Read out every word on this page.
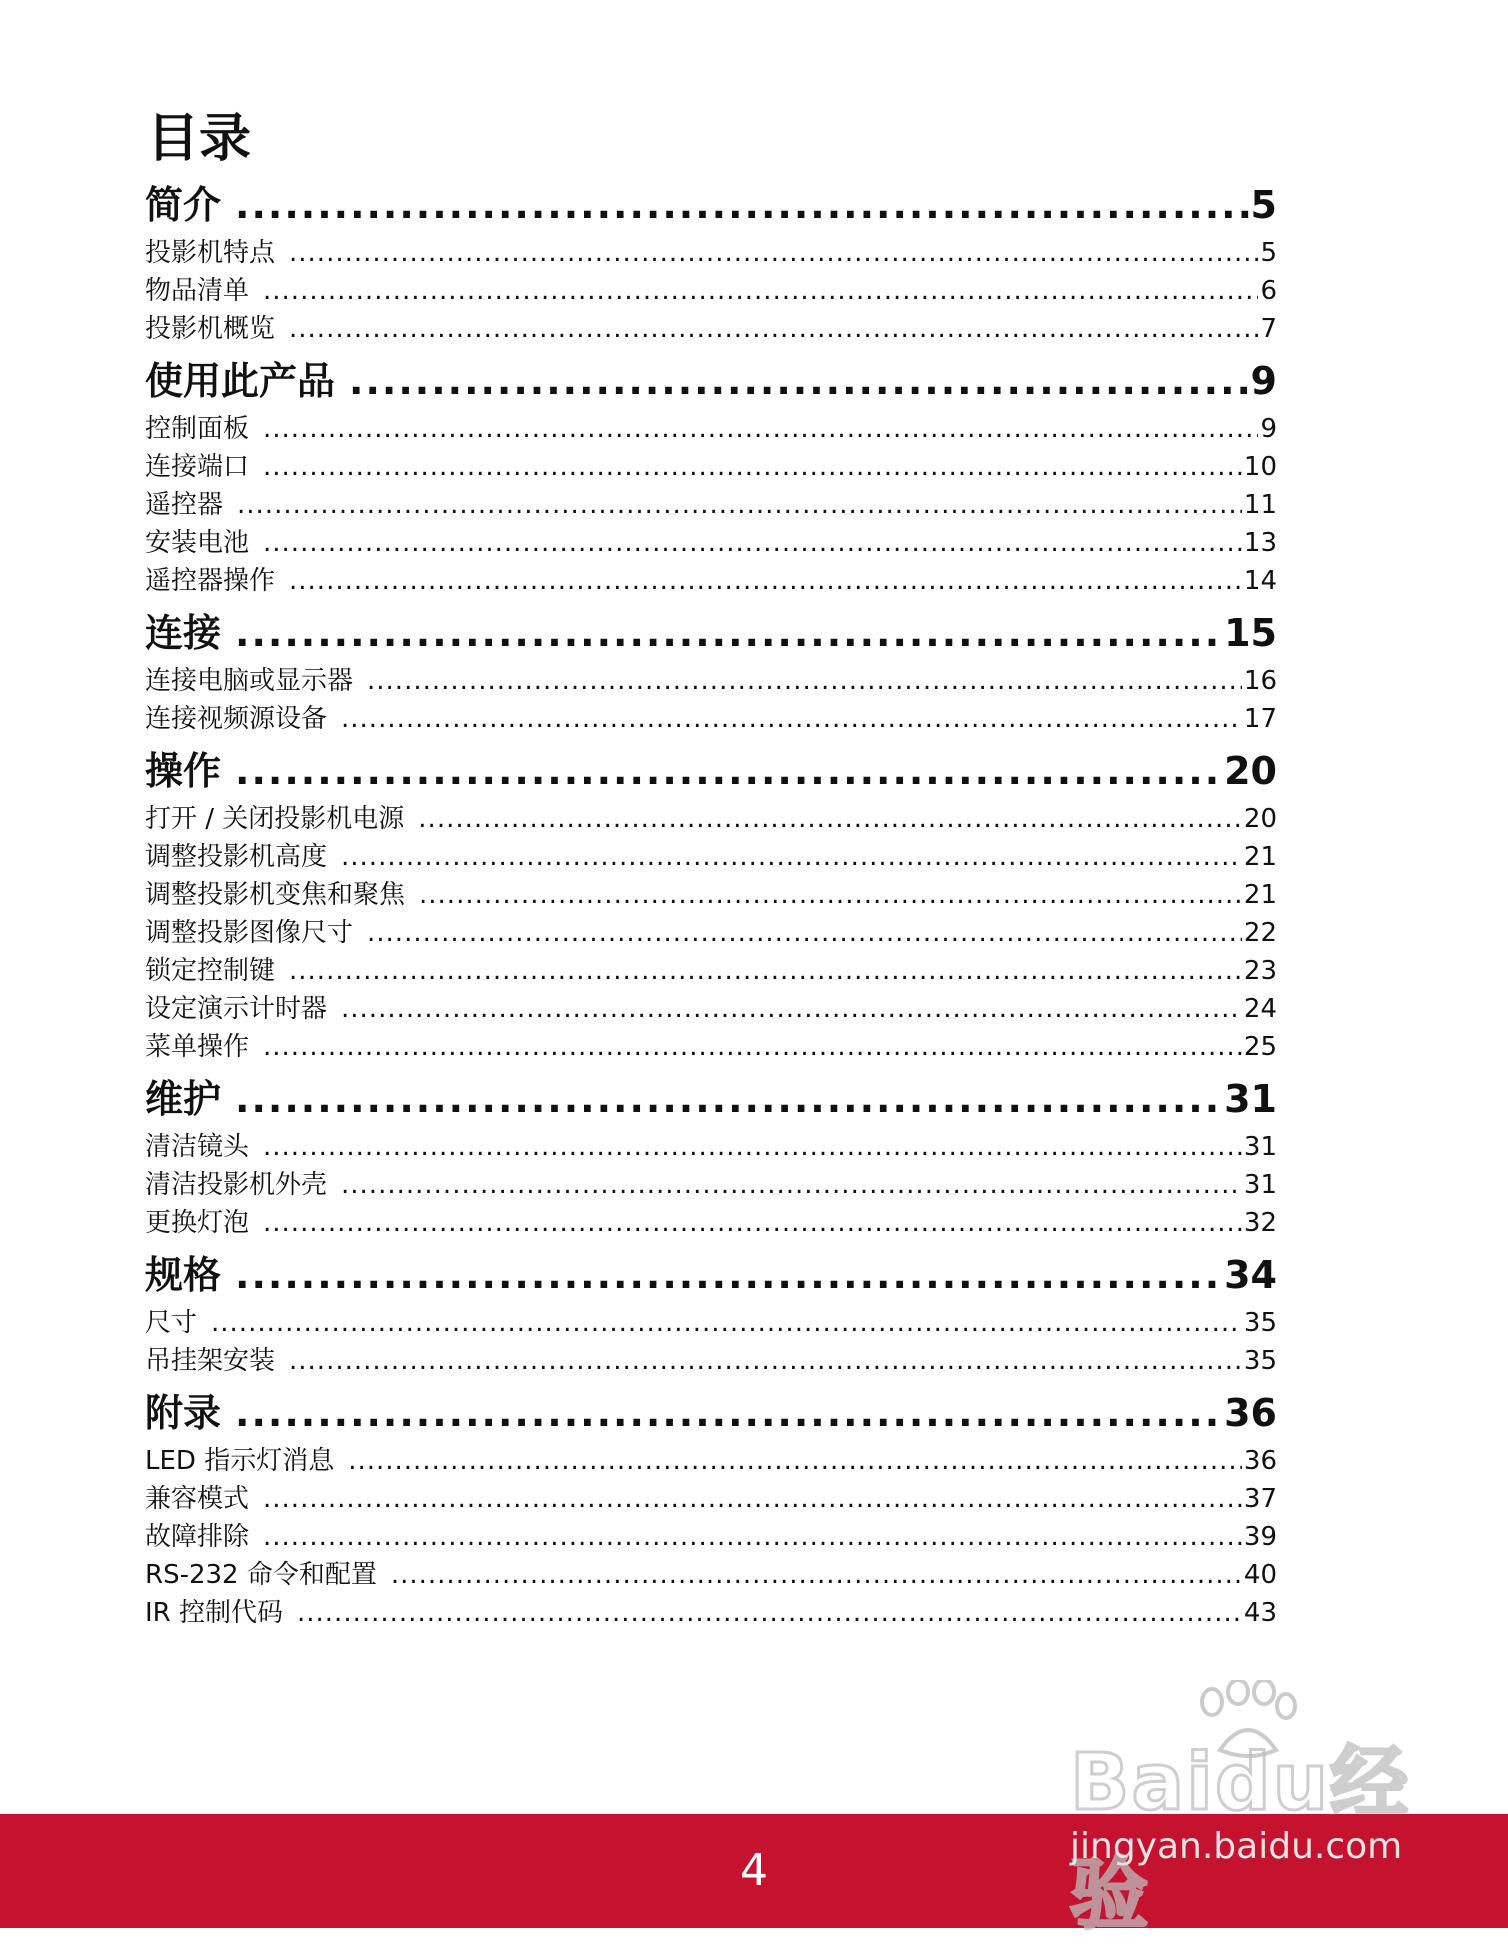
目录
简介 .....	5
投影机特点 .....	5
物品清单 .....	6
投影机概览 .....	7
使用此产品 .....	9
控制面板 .....	9
连接端口 .....	10
遥控器 .....	11
安装电池 .....	13
遥控器操作 .....	14
连接 .....	15
连接电脑或显示器 .....	16
连接视频源设备 .....	17
操作 .....	20
打开 / 关闭投影机电源 .....	20
调整投影机高度 .....	21
调整投影机变焦和聚焦 .....	21
调整投影图像尺寸 .....	22
锁定控制键 .....	23
设定演示计时器 .....	24
菜单操作 .....	25
维护 .....	31
清洁镜头 .....	31
清洁投影机外壳 .....	31
更换灯泡 .....	32
规格 .....	34
尺寸 .....	35
吊挂架安装 .....	35
附录 .....	36
LED 指示灯消息 .....	36
兼容模式 .....	37
故障排除 .....	39
RS-232 命令和配置 .....	40
IR 控制代码 .....	43
4
Baidu经验
jingyan.baidu.com
